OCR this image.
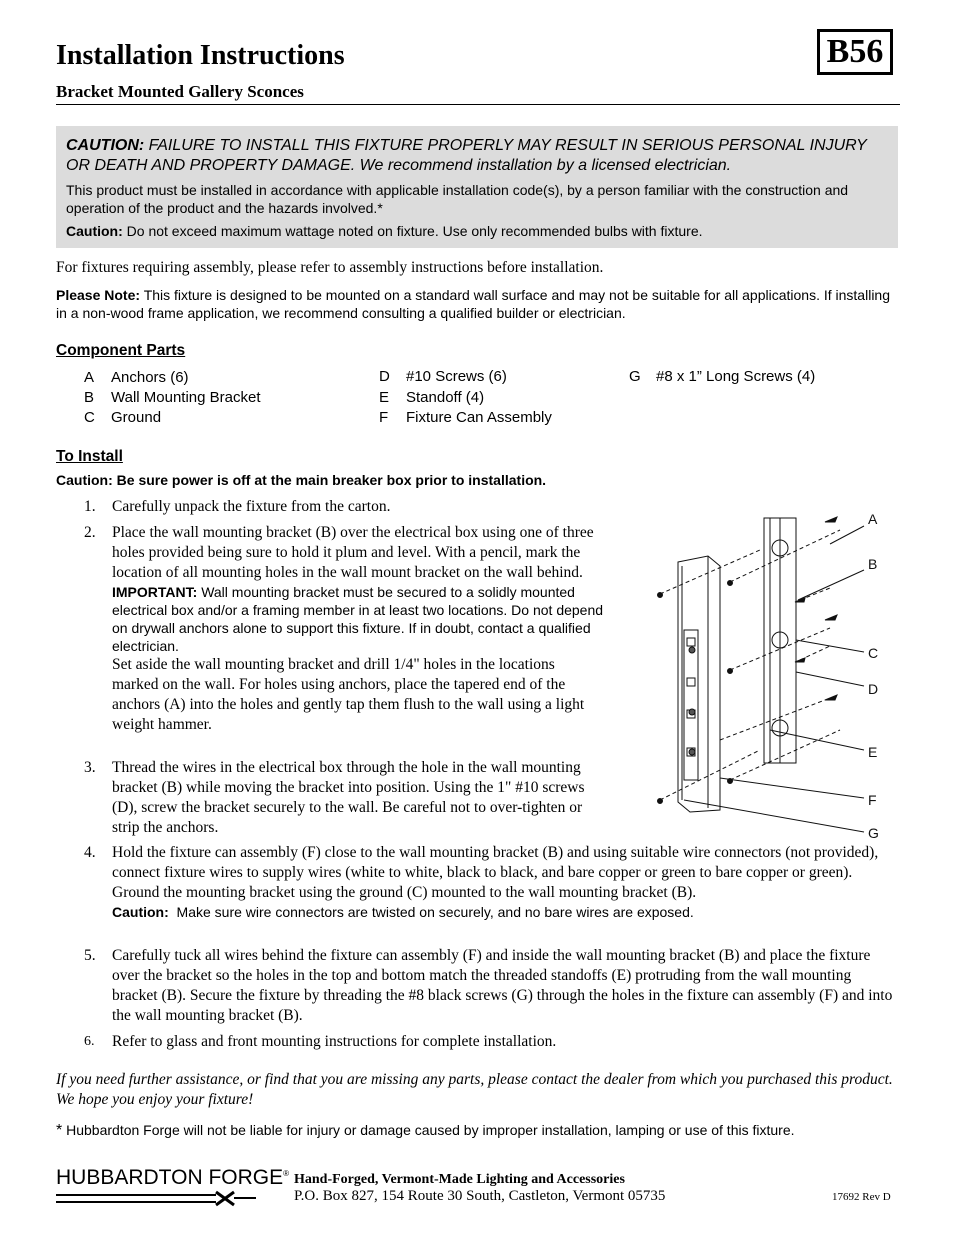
Installation Instructions
Bracket Mounted Gallery Sconces
B56
CAUTION: FAILURE TO INSTALL THIS FIXTURE PROPERLY MAY RESULT IN SERIOUS PERSONAL INJURY OR DEATH AND PROPERTY DAMAGE. We recommend installation by a licensed electrician.
This product must be installed in accordance with applicable installation code(s), by a person familiar with the construction and operation of the product and the hazards involved.*
Caution: Do not exceed maximum wattage noted on fixture. Use only recommended bulbs with fixture.
For fixtures requiring assembly, please refer to assembly instructions before installation.
Please Note: This fixture is designed to be mounted on a standard wall surface and may not be suitable for all applications. If installing in a non-wood frame application, we recommend consulting a qualified builder or electrician.
Component Parts
A Anchors (6)
B Wall Mounting Bracket
C Ground
D #10 Screws (6)
E Standoff (4)
F Fixture Can Assembly
G #8 x 1” Long Screws (4)
To Install
Caution: Be sure power is off at the main breaker box prior to installation.
1. Carefully unpack the fixture from the carton.
2. Place the wall mounting bracket (B) over the electrical box using one of three holes provided being sure to hold it plum and level. With a pencil, mark the location of all mounting holes in the wall mount bracket on the wall behind.
IMPORTANT: Wall mounting bracket must be secured to a solidly mounted electrical box and/or a framing member in at least two locations. Do not depend on drywall anchors alone to support this fixture. If in doubt, contact a qualified electrician.
Set aside the wall mounting bracket and drill 1/4" holes in the locations marked on the wall. For holes using anchors, place the tapered end of the anchors (A) into the holes and gently tap them flush to the wall using a light weight hammer.
3. Thread the wires in the electrical box through the hole in the wall mounting bracket (B) while moving the bracket into position. Using the 1" #10 screws (D), screw the bracket securely to the wall. Be careful not to over-tighten or strip the anchors.
4. Hold the fixture can assembly (F) close to the wall mounting bracket (B) and using suitable wire connectors (not provided), connect fixture wires to supply wires (white to white, black to black, and bare copper or green to bare copper or green). Ground the mounting bracket using the ground (C) mounted to the wall mounting bracket (B).
Caution: Make sure wire connectors are twisted on securely, and no bare wires are exposed.
5. Carefully tuck all wires behind the fixture can assembly (F) and inside the wall mounting bracket (B) and place the fixture over the bracket so the holes in the top and bottom match the threaded standoffs (E) protruding from the wall mounting bracket (B). Secure the fixture by threading the #8 black screws (G) through the holes in the fixture can assembly (F) and into the wall mounting bracket (B).
6. Refer to glass and front mounting instructions for complete installation.
A
B
C
D
E
F
G
If you need further assistance, or find that you are missing any parts, please contact the dealer from which you purchased this product. We hope you enjoy your fixture!
* Hubbardton Forge will not be liable for injury or damage caused by improper installation, lamping or use of this fixture.
HUBBARDTON FORGE® Hand-Forged, Vermont-Made Lighting and Accessories
P.O. Box 827, 154 Route 30 South, Castleton, Vermont 05735	17692 Rev D
